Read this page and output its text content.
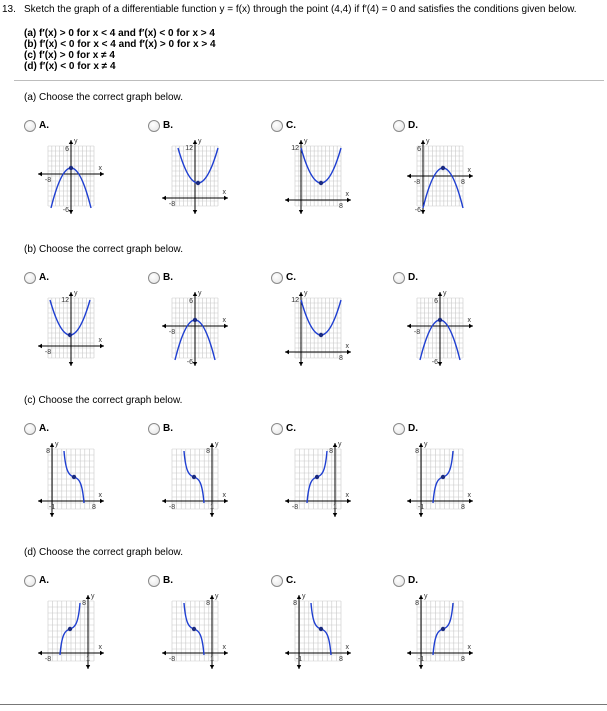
13. Sketch the graph of a differentiable function y = f(x) through the point (4,4) if f′(4) = 0 and satisfies the conditions given below.
(a) f′(x) > 0 for x < 4 and f′(x) < 0 for x > 4
(b) f′(x) < 0 for x < 4 and f′(x) > 0 for x > 4
(c) f′(x) > 0 for x ≠ 4
(d) f′(x) < 0 for x ≠ 4
(a) Choose the correct graph below.
A.
y
x
6
-6
-8
B.
y
x
12
-8
C.
y
x
12
8
D.
y
x
6
-6
-8	8
(b) Choose the correct graph below.
A.
y
x
12
-8
B.
y
x
6
-6
-8
C.
y
x
12
8
D.
y
x
6
-6
-8
(c) Choose the correct graph below.
A.
y
x
8
-1	8
B.
y
x
8
-8	1
C.
y
x
8
-8	1
D.
y
x
8
-1	8
(d) Choose the correct graph below.
A.
y
x
8
-8	1
B.
y
x
8
-8	1
C.
y
x
8
-1	8
D.
y
x
8
-1	8
